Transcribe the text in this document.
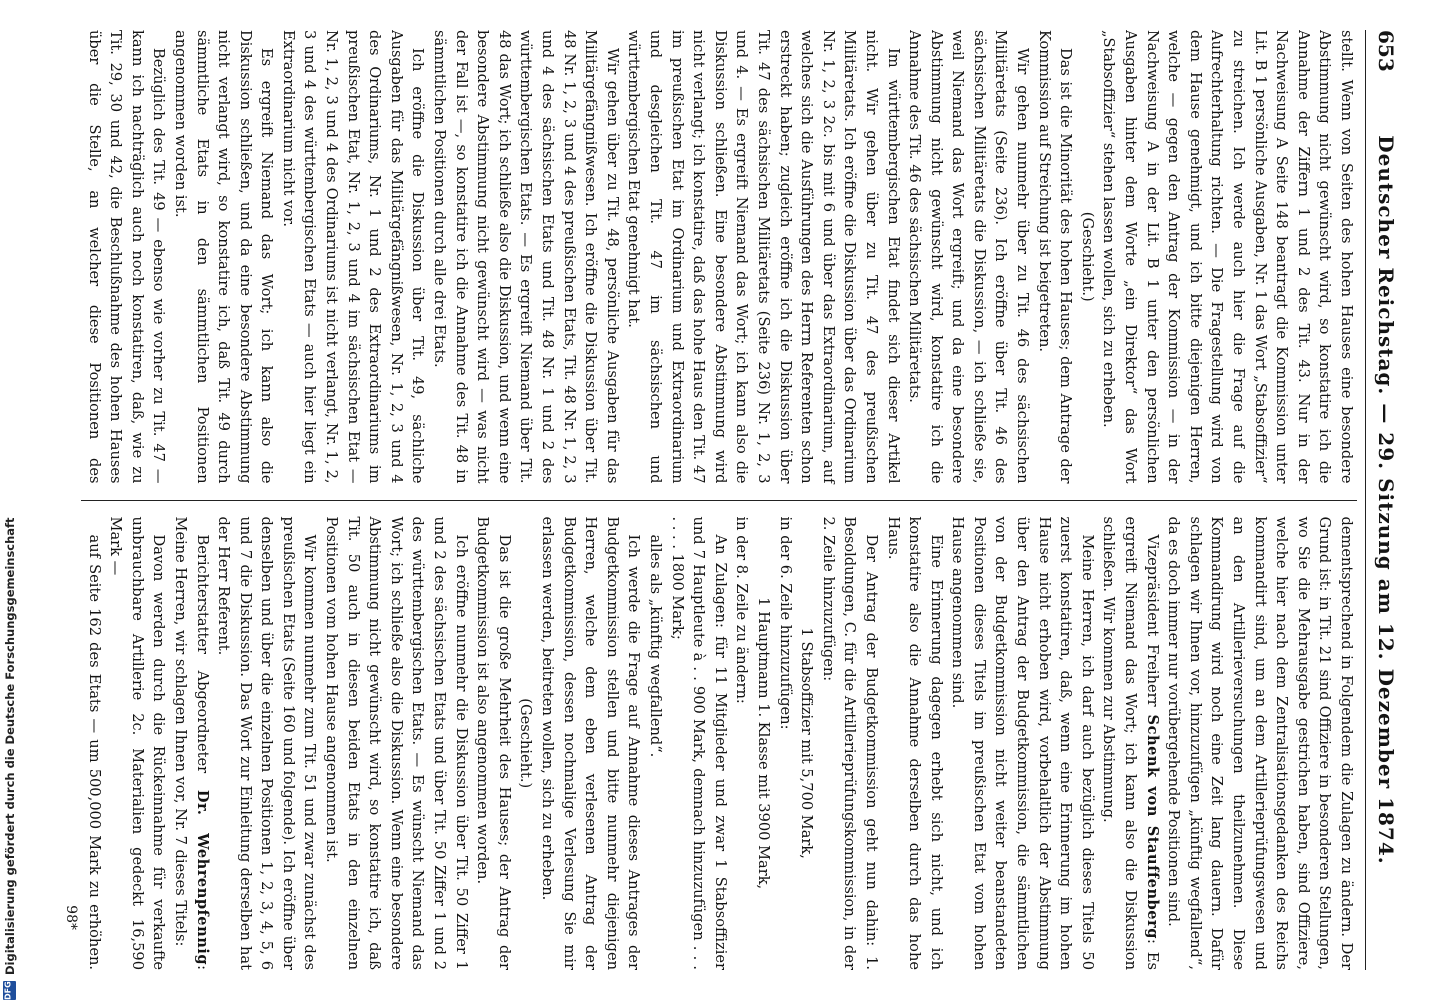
653
Deutscher Reichstag. — 29. Sitzung am 12. Dezember 1874.

stellt. Wenn von Seiten des hohen Hauses eine besondere Abstimmung nicht gewünscht wird, so konstatire ich die Annahme der Ziffern 1 und 2 des Tit. 43. Nur in der Nachweisung A Seite 148 beantragt die Kommission unter Lit. B 1 persönliche Ausgaben, Nr. 1 das Wort „Stabsoffizier“ zu streichen. Ich werde auch hier die Frage auf die Aufrechterhaltung richten. — Die Fragestellung wird von dem Hause genehmigt, und ich bitte diejenigen Herren, welche — gegen den Antrag der Kommission — in der Nachweisung A in der Lit. B 1 unter den persönlichen Ausgaben hinter dem Worte „ein Direktor“ das Wort „Stabsoffizier“ stehen lassen wollen, sich zu erheben.

(Geschieht.)

Das ist die Minorität des hohen Hauses; dem Antrage der Kommission auf Streichung ist beigetreten.

Wir gehen nunmehr über zu Tit. 46 des sächsischen Militäretats (Seite 236). Ich eröffne über Tit. 46 des sächsischen Militäretats die Diskussion, — ich schließe sie, weil Niemand das Wort ergreift; und da eine besondere Abstimmung nicht gewünscht wird, konstatire ich die Annahme des Tit. 46 des sächsischen Militäretats.

Im württembergischen Etat findet sich dieser Artikel nicht. Wir gehen über zu Tit. 47 des preußischen Militäretats. Ich eröffne die Diskussion über das Ordinarium Nr. 1, 2, 3 2c. bis mit 6 und über das Extraordinarium, auf welches sich die Ausführungen des Herrn Referenten schon erstreckt haben; zugleich eröffne ich die Diskussion über Tit. 47 des sächsischen Militäretats (Seite 236) Nr. 1, 2, 3 und 4. — Es ergreift Niemand das Wort; ich kann also die Diskussion schließen. Eine besondere Abstimmung wird nicht verlangt; ich konstatire, daß das hohe Haus den Tit. 47 im preußischen Etat im Ordinarium und Extraordinarium und desgleichen Tit. 47 im sächsischen und württembergischen Etat genehmigt hat.

Wir gehen über zu Tit. 48, persönliche Ausgaben für das Militärgefängnißwesen. Ich eröffne die Diskussion über Tit. 48 Nr. 1, 2, 3 und 4 des preußischen Etats, Tit. 48 Nr. 1, 2, 3 und 4 des sächsischen Etats und Tit. 48 Nr. 1 und 2 des württembergischen Etats. — Es ergreift Niemand über Tit. 48 das Wort; ich schließe also die Diskussion, und wenn eine besondere Abstimmung nicht gewünscht wird — was nicht der Fall ist —, so konstatire ich die Annahme des Tit. 48 in sämmtlichen Positionen durch alle drei Etats.

Ich eröffne die Diskussion über Tit. 49, sächliche Ausgaben für das Militärgefängnißwesen, Nr. 1, 2, 3 und 4 des Ordinariums, Nr. 1 und 2 des Extraordinariums im preußischen Etat, Nr. 1, 2, 3 und 4 im sächsischen Etat — Nr. 1, 2, 3 und 4 des Ordinariums ist nicht verlangt, Nr. 1, 2, 3 und 4 des württembergischen Etats — auch hier liegt ein Extraordinarium nicht vor.

Es ergreift Niemand das Wort; ich kann also die Diskussion schließen, und da eine besondere Abstimmung nicht verlangt wird, so konstatire ich, daß Tit. 49 durch sämmtliche Etats in den sämmtlichen Positionen angenommen worden ist.

Bezüglich des Tit. 49 — ebenso wie vorher zu Tit. 47 — kann ich nachträglich auch noch konstatiren, daß, wie zu Tit. 29, 30 und 42, die Beschlußnahme des hohen Hauses über die Stelle, an welcher diese Positionen des

dementsprechend in Folgendem die Zulagen zu ändern. Der Grund ist: in Tit. 21 sind Offiziere in besonderen Stellungen, wo Sie die Mehrausgabe gestrichen haben, sind Offiziere, welche hier nach dem Zentralisationsgedanken des Reichs kommandirt sind, um an dem Artillerieprüfungswesen und an den Artillerieversuchungen theilzunehmen. Diese Kommandirung wird noch eine Zeit lang dauern. Dafür schlagen wir Ihnen vor, hinzuzufügen „künftig wegfallend“, da es doch immer nur vorübergehende Positionen sind.

Vizepräsident Freiherr Schenk von Stauffenberg: Es ergreift Niemand das Wort; ich kann also die Diskussion schließen. Wir kommen zur Abstimmung.

Meine Herren, ich darf auch bezüglich dieses Titels 50 zuerst konstatiren, daß, wenn eine Erinnerung im hohen Hause nicht erhoben wird, vorbehaltlich der Abstimmung über den Antrag der Budgetkommission, die sämmtlichen von der Budgetkommission nicht weiter beanstandeten Positionen dieses Titels im preußischen Etat vom hohen Hause angenommen sind.

Eine Erinnerung dagegen erhebt sich nicht, und ich konstatire also die Annahme derselben durch das hohe Haus.

Der Antrag der Budgetkommission geht nun dahin: 1. Besoldungen, C. für die Artillerieprüfungskommission, in der 2. Zeile hinzuzufügen:

1 Stabsoffizier mit 5,700 Mark,

in der 6. Zeile hinzuzufügen:

1 Hauptmann 1. Klasse mit 3900 Mark,

in der 8. Zeile zu ändern:

An Zulagen: für 11 Mitglieder und zwar 1 Stabsoffizier und 7 Hauptleute à . . 900 Mark, demnach hinzuzufügen . . . . . . . 1800 Mark;

alles als „künftig wegfallend“.

Ich werde die Frage auf Annahme dieses Antrages der Budgetkommission stellen und bitte nunmehr diejenigen Herren, welche dem eben verlesenen Antrag der Budgetkommission, dessen nochmalige Verlesung Sie mir erlassen werden, beitreten wollen, sich zu erheben.

(Geschieht.)

Das ist die große Mehrheit des Hauses; der Antrag der Budgetkommission ist also angenommen worden.

Ich eröffne nunmehr die Diskussion über Tit. 50 Ziffer 1 und 2 des sächsischen Etats und über Tit. 50 Ziffer 1 und 2 des württembergischen Etats. — Es wünscht Niemand das Wort; ich schließe also die Diskussion. Wenn eine besondere Abstimmung nicht gewünscht wird, so konstatire ich, daß Tit. 50 auch in diesen beiden Etats in den einzelnen Positionen vom hohen Hause angenommen ist.

Wir kommen nunmehr zum Tit. 51 und zwar zunächst des preußischen Etats (Seite 160 und folgende). Ich eröffne über denselben und über die einzelnen Positionen 1, 2, 3, 4, 5, 6 und 7 die Diskussion. Das Wort zur Einleitung derselben hat der Herr Referent.

Berichterstatter Abgeordneter Dr. Wehrenpfennig: Meine Herren, wir schlagen Ihnen vor, Nr. 7 dieses Titels:

Davon werden durch die Rückeinnahme für verkaufte unbrauchbare Artillerie 2c. Materialien gedeckt 16,590 Mark —

auf Seite 162 des Etats — um 500,000 Mark zu erhöhen.

98*
DFG
Digitalisierung gefördert durch die Deutsche Forschungsgemeinschaft
